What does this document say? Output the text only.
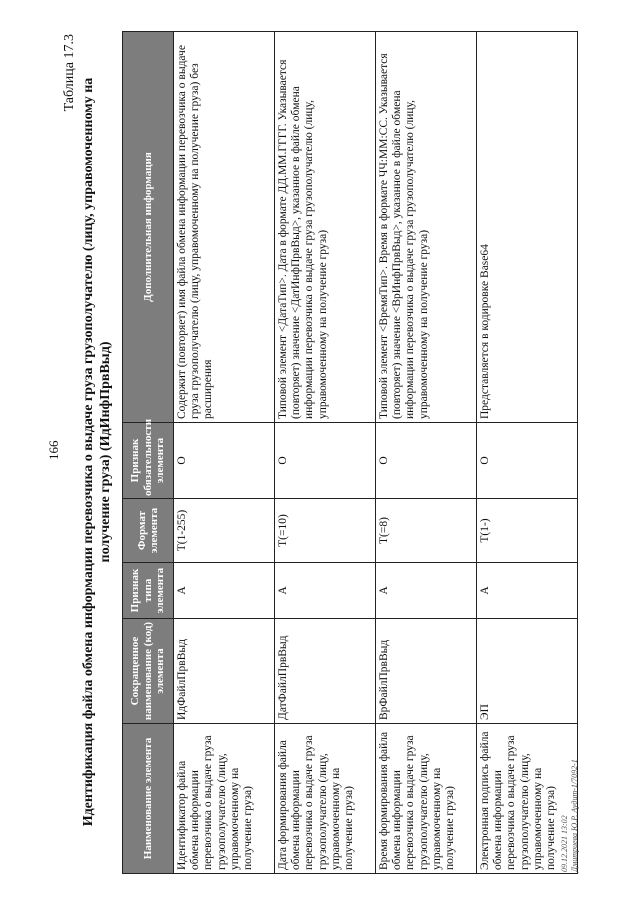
166
Таблица 17.3
Идентификация файла обмена информации перевозчика о выдаче груза грузополучателю (лицу, управомоченному на получение груза) (ИдИнфПрвВыд)
Наименование элемента	Сокращенное наименование (код) элемента	Признак типа элемента	Формат элемента	Признак обязательности элемента	Дополнительная информация
Идентификатор файла обмена информации перевозчика о выдаче груза грузополучателю (лицу, управомоченному на получение груза)	ИдФайлПрвВыд	А	T(1-255)	О	Содержит (повторяет) имя файла обмена информации перевозчика о выдаче груза грузополучателю (лицу, управомоченному на получение груза) без расширения
Дата формирования файла обмена информации перевозчика о выдаче груза грузополучателю (лицу, управомоченному на получение груза)	ДатФайлПрвВыд	А	T(=10)	О	Типовой элемент <ДатаТип>. Дата в формате ДД.ММ.ГГГГ. Указывается (повторяет) значение <ДатИнфПрвВыд>, указанное в файле обмена информации перевозчика о выдаче груза грузополучателю (лицу, управомоченному на получение груза)
Время формирования файла обмена информации перевозчика о выдаче груза грузополучателю (лицу, управомоченному на получение груза)	ВрФайлПрвВыд	А	T(=8)	О	Типовой элемент <ВремяТип>. Время в формате ЧЧ:ММ:СС. Указывается (повторяет) значение <ВрИнфПрвВыд>, указанное в файле обмена информации перевозчика о выдаче груза грузополучателю (лицу, управомоченному на получение груза)
Электронная подпись файла обмена информации перевозчика о выдаче груза грузополучателю (лицу, управомоченному на получение груза)	ЭП	А	T(1-)	О	Представляется в кодировке Base64
09.12.2021 13:02 Дмитриева Ю.Р. Аудит-1/7092-1
